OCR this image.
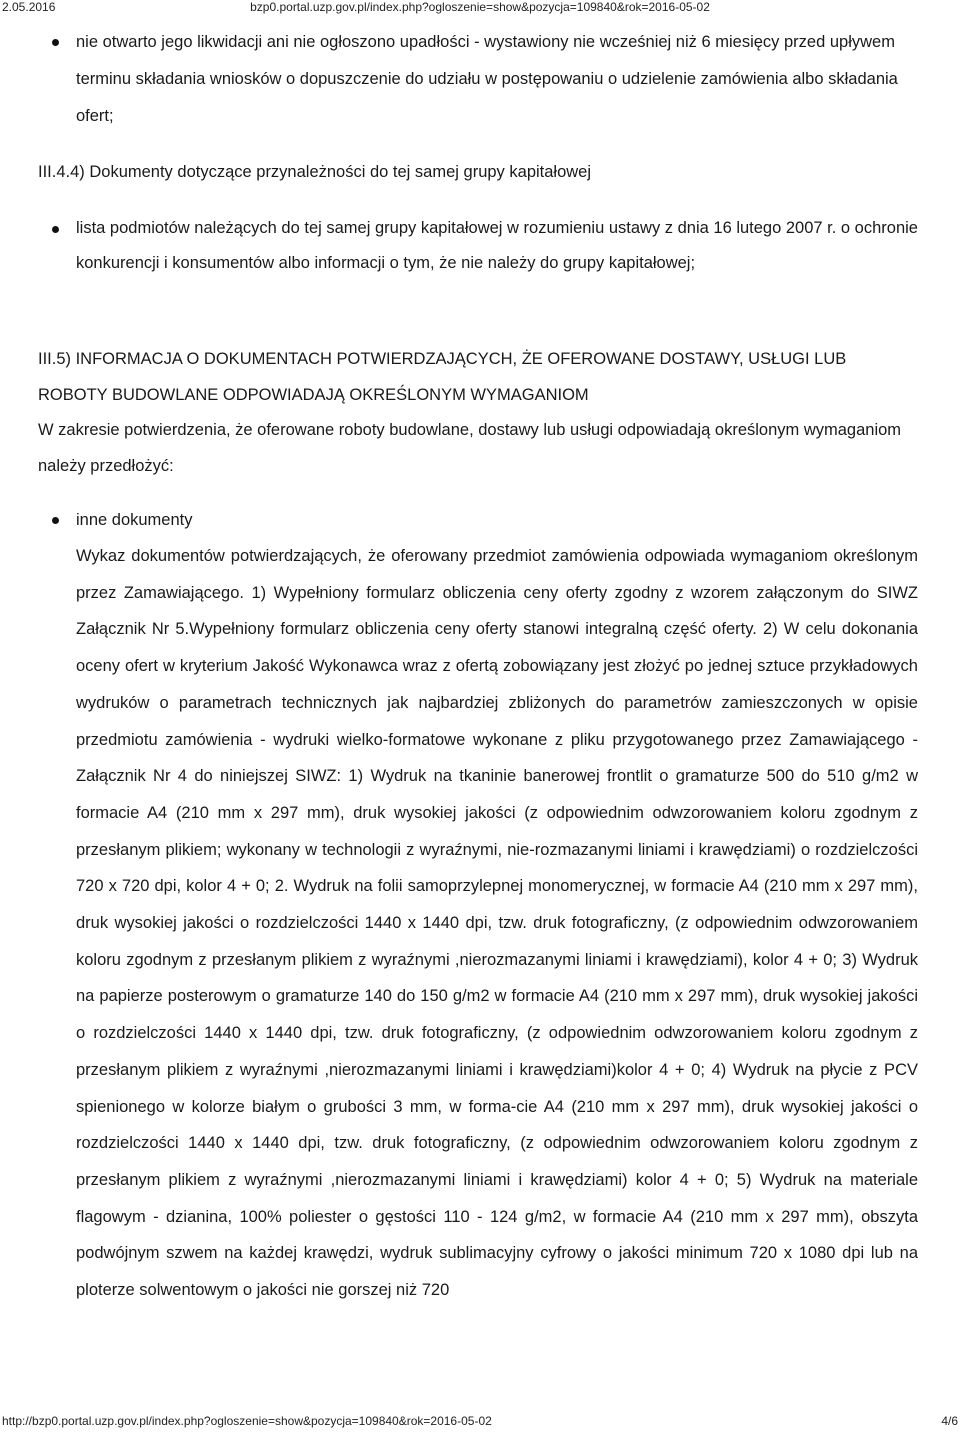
2.05.2016	bzp0.portal.uzp.gov.pl/index.php?ogloszenie=show&pozycja=109840&rok=2016-05-02
nie otwarto jego likwidacji ani nie ogłoszono upadłości - wystawiony nie wcześniej niż 6 miesięcy przed upływem terminu składania wniosków o dopuszczenie do udziału w postępowaniu o udzielenie zamówienia albo składania ofert;
III.4.4) Dokumenty dotyczące przynależności do tej samej grupy kapitałowej
lista podmiotów należących do tej samej grupy kapitałowej w rozumieniu ustawy z dnia 16 lutego 2007 r. o ochronie konkurencji i konsumentów albo informacji o tym, że nie należy do grupy kapitałowej;
III.5) INFORMACJA O DOKUMENTACH POTWIERDZAJĄCYCH, ŻE OFEROWANE DOSTAWY, USŁUGI LUB ROBOTY BUDOWLANE ODPOWIADAJĄ OKREŚLONYM WYMAGANIOM
W zakresie potwierdzenia, że oferowane roboty budowlane, dostawy lub usługi odpowiadają określonym wymaganiom należy przedłożyć:
inne dokumenty
Wykaz dokumentów potwierdzających, że oferowany przedmiot zamówienia odpowiada wymaganiom określonym przez Zamawiającego. 1) Wypełniony formularz obliczenia ceny oferty zgodny z wzorem załączonym do SIWZ Załącznik Nr 5.Wypełniony formularz obliczenia ceny oferty stanowi integralną część oferty. 2) W celu dokonania oceny ofert w kryterium Jakość Wykonawca wraz z ofertą zobowiązany jest złożyć po jednej sztuce przykładowych wydruków o parametrach technicznych jak najbardziej zbliżonych do parametrów zamieszczonych w opisie przedmiotu zamówienia - wydruki wielko-formatowe wykonane z pliku przygotowanego przez Zamawiającego - Załącznik Nr 4 do niniejszej SIWZ: 1) Wydruk na tkaninie banerowej frontlit o gramaturze 500 do 510 g/m2 w formacie A4 (210 mm x 297 mm), druk wysokiej jakości (z odpowiednim odwzorowaniem koloru zgodnym z przesłanym plikiem; wykonany w technologii z wyraźnymi, nie-rozmazanymi liniami i krawędziami) o rozdzielczości 720 x 720 dpi, kolor 4 + 0; 2. Wydruk na folii samoprzylepnej monomerycznej, w formacie A4 (210 mm x 297 mm), druk wysokiej jakości o rozdzielczości 1440 x 1440 dpi, tzw. druk fotograficzny, (z odpowiednim odwzorowaniem koloru zgodnym z przesłanym plikiem z wyraźnymi ,nierozmazanymi liniami i krawędziami), kolor 4 + 0; 3) Wydruk na papierze posterowym o gramaturze 140 do 150 g/m2 w formacie A4 (210 mm x 297 mm), druk wysokiej jakości o rozdzielczości 1440 x 1440 dpi, tzw. druk fotograficzny, (z odpowiednim odwzorowaniem koloru zgodnym z przesłanym plikiem z wyraźnymi ,nierozmazanymi liniami i krawędziami)kolor 4 + 0; 4) Wydruk na płycie z PCV spienionego w kolorze białym o grubości 3 mm, w forma-cie A4 (210 mm x 297 mm), druk wysokiej jakości o rozdzielczości 1440 x 1440 dpi, tzw. druk fotograficzny, (z odpowiednim odwzorowaniem koloru zgodnym z przesłanym plikiem z wyraźnymi ,nierozmazanymi liniami i krawędziami) kolor 4 + 0; 5) Wydruk na materiale flagowym - dzianina, 100% poliester o gęstości 110 - 124 g/m2, w formacie A4 (210 mm x 297 mm), obszyta podwójnym szwem na każdej krawędzi, wydruk sublimacyjny cyfrowy o jakości minimum 720 x 1080 dpi lub na ploterze solwentowym o jakości nie gorszej niż 720
http://bzp0.portal.uzp.gov.pl/index.php?ogloszenie=show&pozycja=109840&rok=2016-05-02	4/6
